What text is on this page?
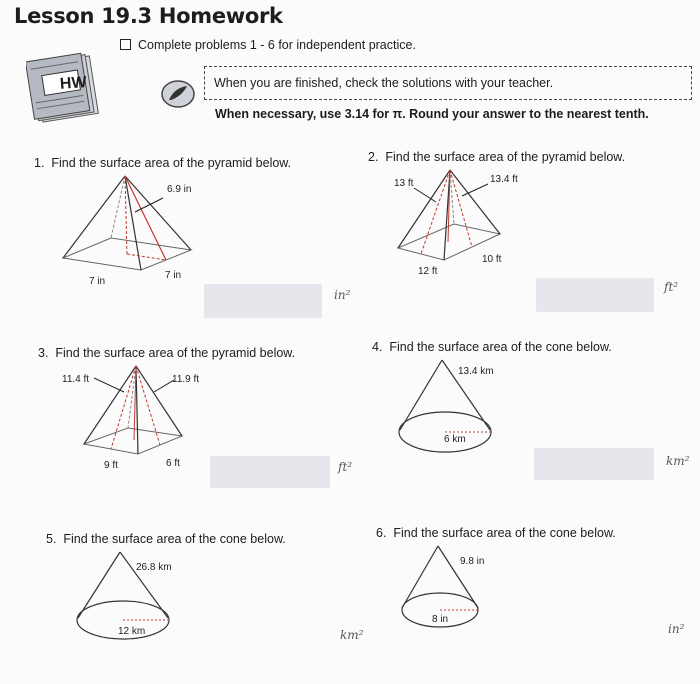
Lesson 19.3 Homework
Complete problems 1 - 6 for independent practice.
HW	When you are finished, check the solutions with your teacher.
When necessary, use 3.14 for π. Round your answer to the nearest tenth.
1. Find the surface area of the pyramid below.
6.9 in
7 in
7 in
in²
2. Find the surface area of the pyramid below.
13 ft	13.4 ft
12 ft
10 ft
ft²
3. Find the surface area of the pyramid below.
11.4 ft	11.9 ft
9 ft	6 ft	ft²
4. Find the surface area of the cone below.
13.4 km
6 km
km²
5. Find the surface area of the cone below.
26.8 km
12 km	km²
6. Find the surface area of the cone below.
9.8 in
8 in
in²
